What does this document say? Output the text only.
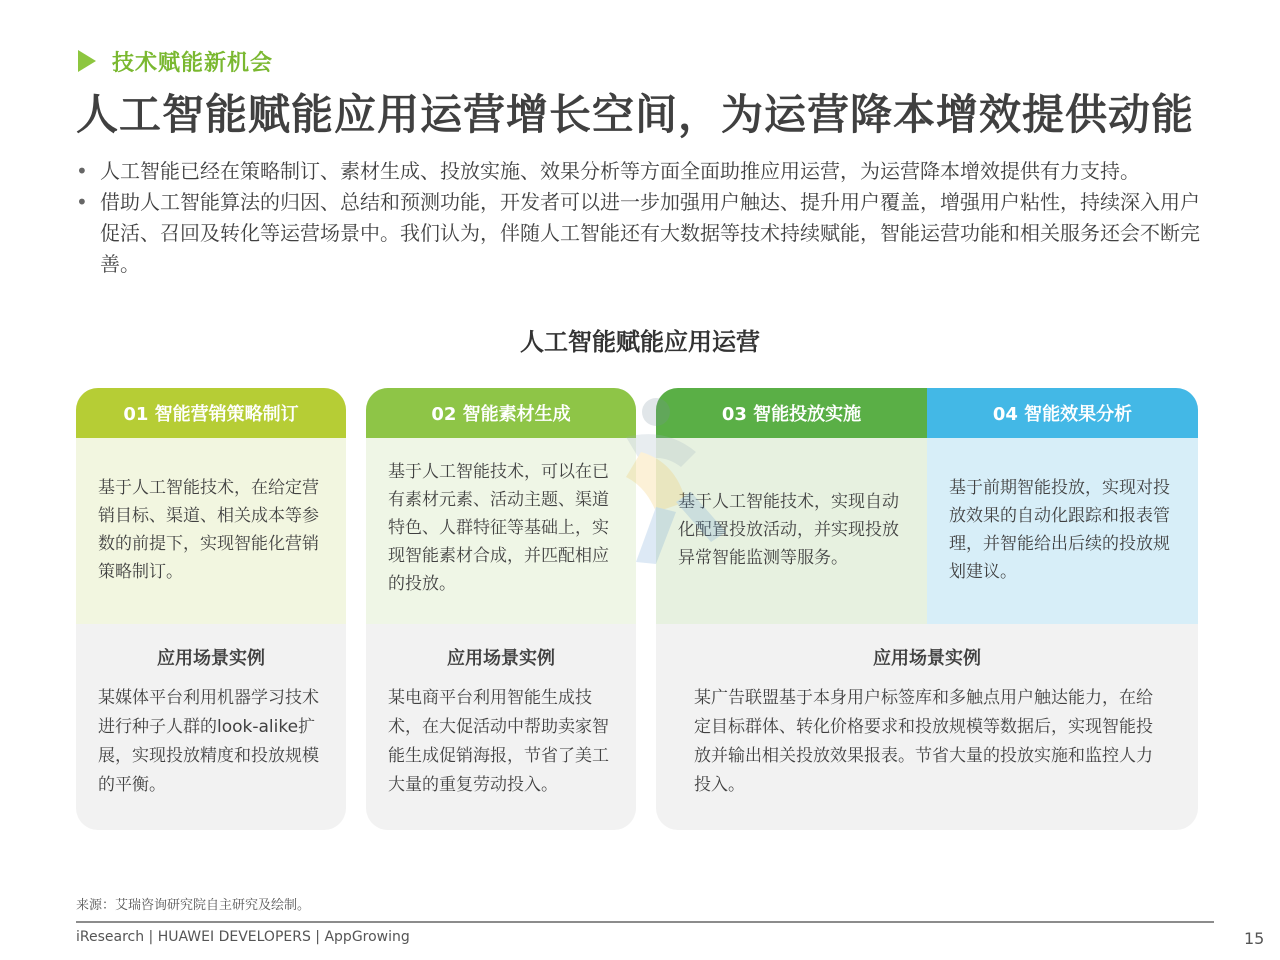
技术赋能新机会
人工智能赋能应用运营增长空间，为运营降本增效提供动能

• 人工智能已经在策略制订、素材生成、投放实施、效果分析等方面全面助推应用运营，为运营降本增效提供有力支持。

• 借助人工智能算法的归因、总结和预测功能，开发者可以进一步加强用户触达、提升用户覆盖，增强用户粘性，持续深入用户促活、召回及转化等运营场景中。我们认为，伴随人工智能还有大数据等技术持续赋能，智能运营功能和相关服务还会不断完善。

人工智能赋能应用运营
01 智能营销策略制订
基于人工智能技术，在给定营销目标、渠道、相关成本等参数的前提下，实现智能化营销策略制订。
应用场景实例
某媒体平台利用机器学习技术进行种子人群的look-alike扩展，实现投放精度和投放规模的平衡。
02 智能素材生成
基于人工智能技术，可以在已有素材元素、活动主题、渠道特色、人群特征等基础上，实现智能素材合成，并匹配相应的投放。
应用场景实例
某电商平台利用智能生成技术，在大促活动中帮助卖家智能生成促销海报，节省了美工大量的重复劳动投入。
03 智能投放实施
基于人工智能技术，实现自动化配置投放活动，并实现投放异常智能监测等服务。
04 智能效果分析
基于前期智能投放，实现对投放效果的自动化跟踪和报表管理，并智能给出后续的投放规划建议。
应用场景实例
某广告联盟基于本身用户标签库和多触点用户触达能力，在给定目标群体、转化价格要求和投放规模等数据后，实现智能投放并输出相关投放效果报表。节省大量的投放实施和监控人力投入。
来源：艾瑞咨询研究院自主研究及绘制。
iResearch | HUAWEI DEVELOPERS | AppGrowing	15
